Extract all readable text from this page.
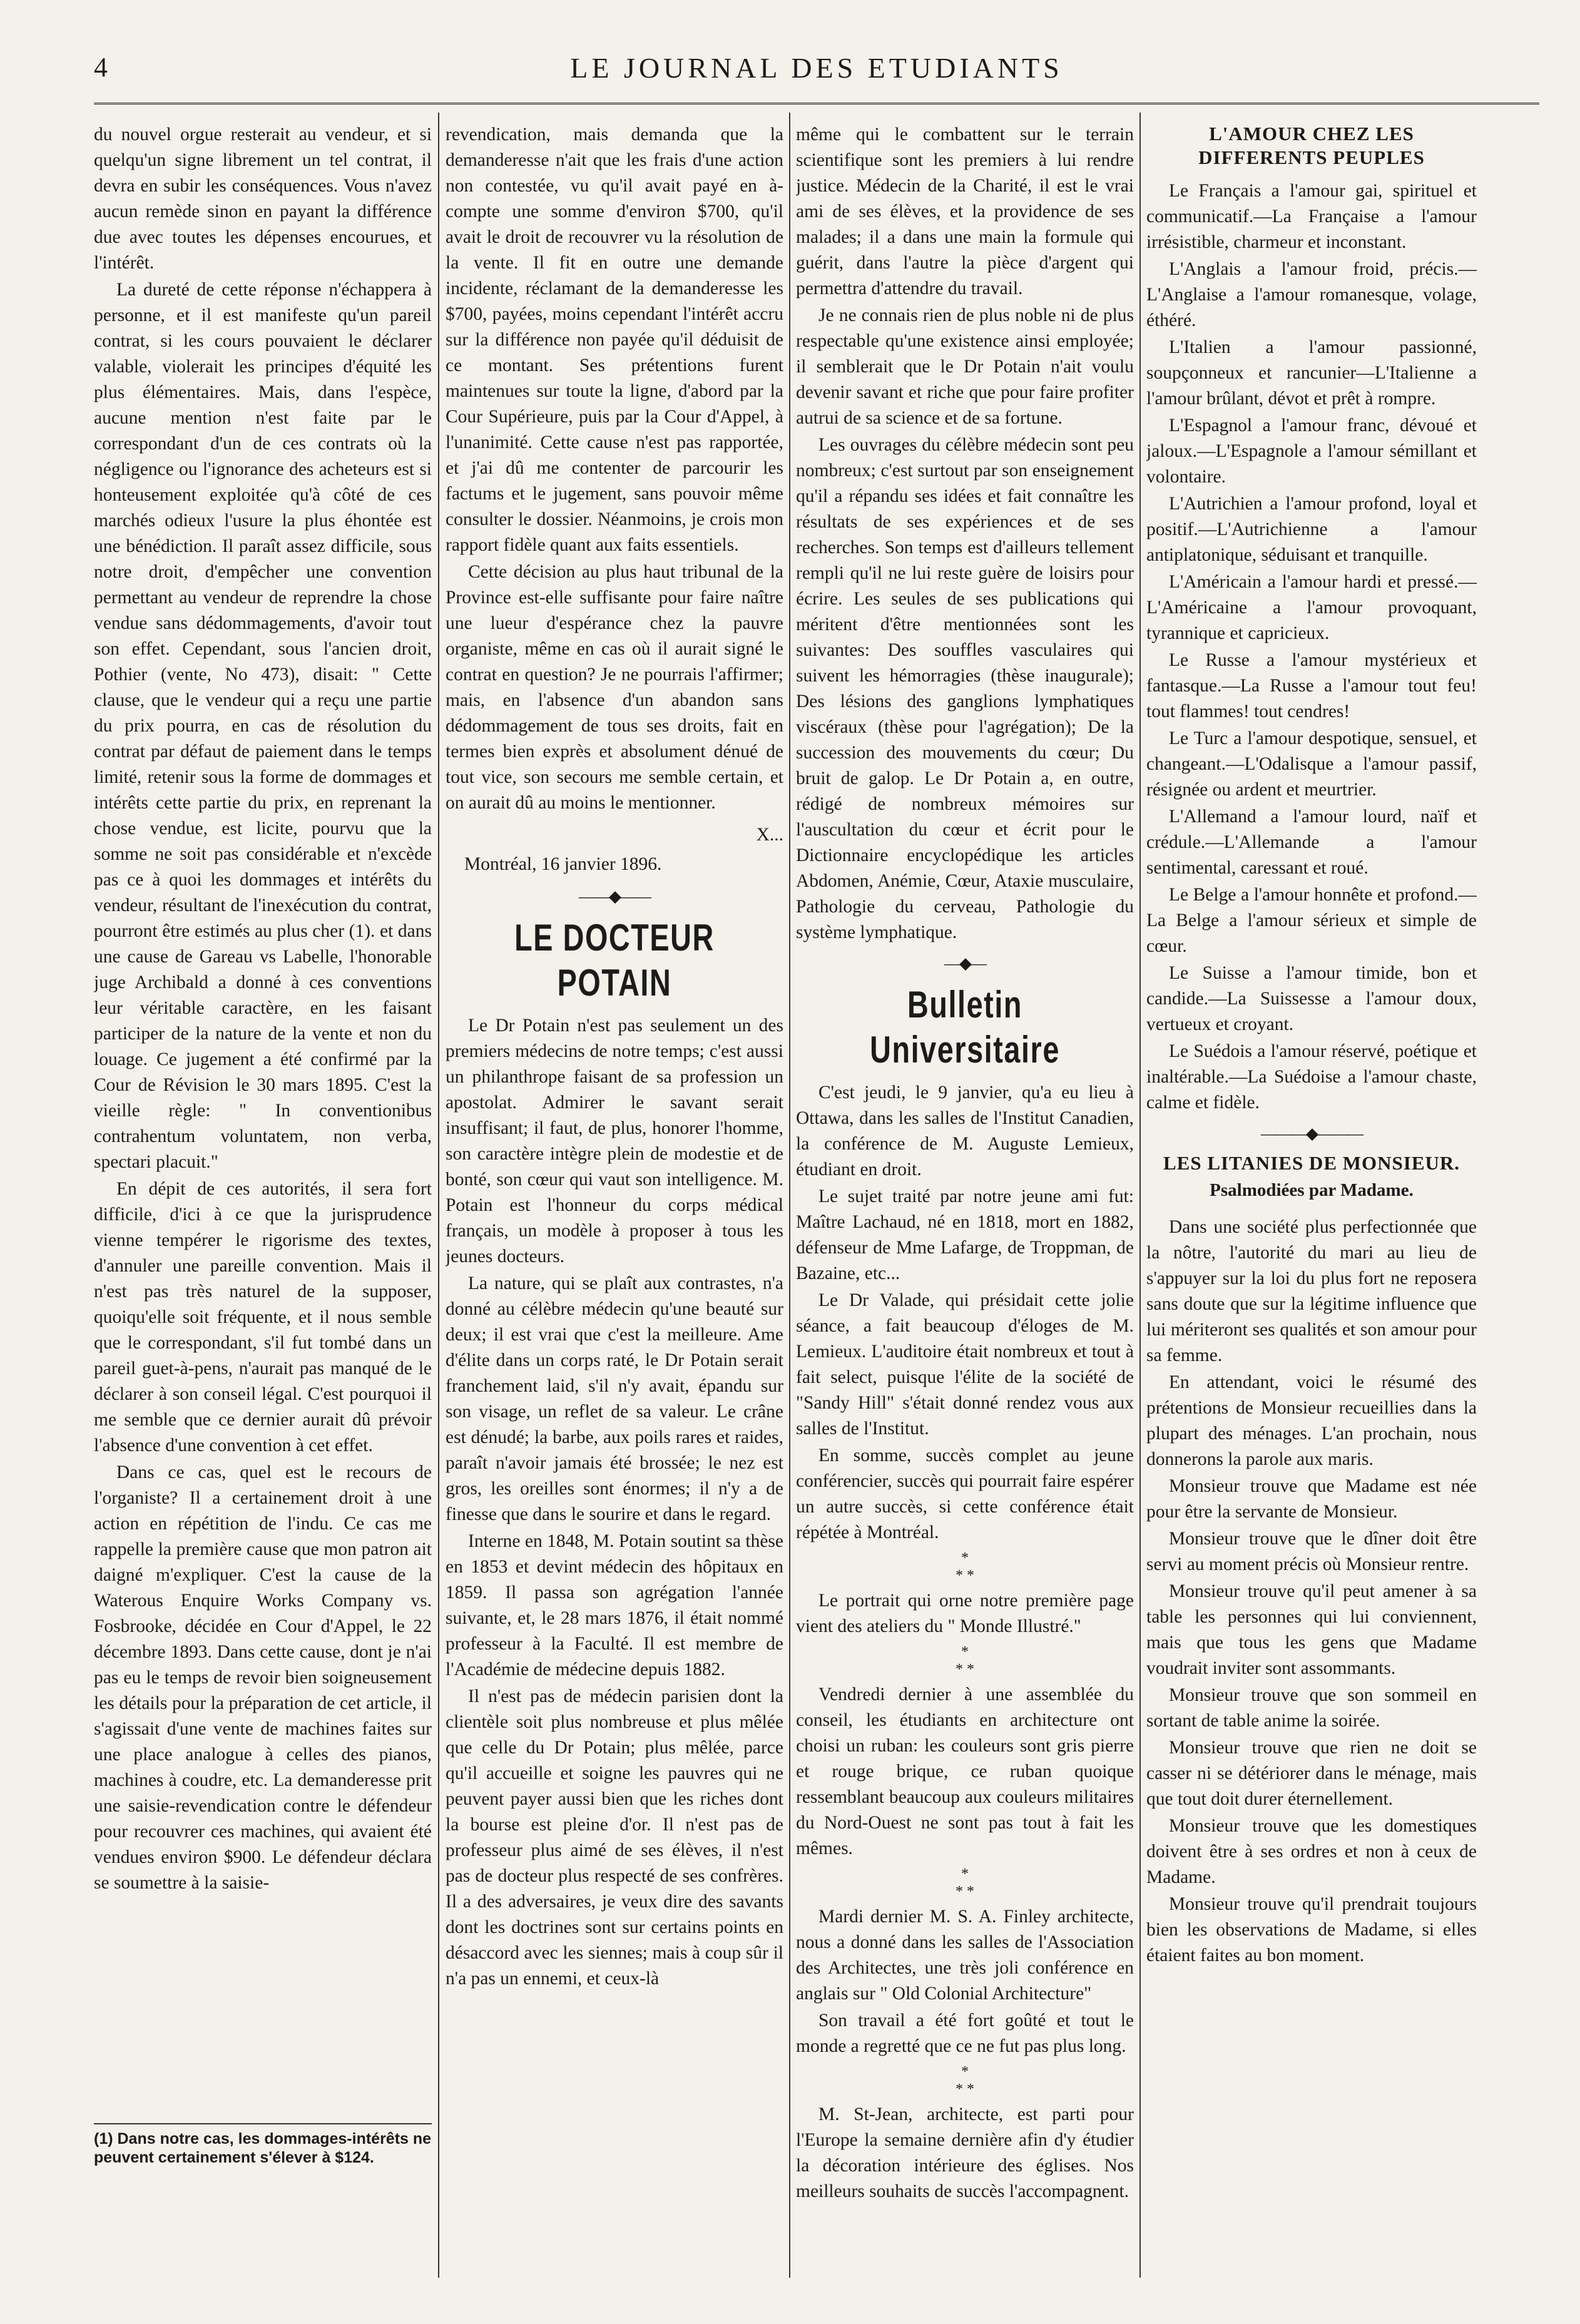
4	LE JOURNAL DES ETUDIANTS

du nouvel orgue resterait au vendeur, et si quelqu'un signe librement un tel contrat, il devra en subir les conséquences. Vous n'avez aucun remède sinon en payant la différence due avec toutes les dépenses encourues, et l'intérêt.

La dureté de cette réponse n'échappera à personne, et il est manifeste qu'un pareil contrat, si les cours pouvaient le déclarer valable, violerait les principes d'équité les plus élémentaires. Mais, dans l'espèce, aucune mention n'est faite par le correspondant d'un de ces contrats où la négligence ou l'ignorance des acheteurs est si honteusement exploitée qu'à côté de ces marchés odieux l'usure la plus éhontée est une bénédiction. Il paraît assez difficile, sous notre droit, d'empêcher une convention permettant au vendeur de reprendre la chose vendue sans dédommagements, d'avoir tout son effet. Cependant, sous l'ancien droit, Pothier (vente, No 473), disait: " Cette clause, que le vendeur qui a reçu une partie du prix pourra, en cas de résolution du contrat par défaut de paiement dans le temps limité, retenir sous la forme de dommages et intérêts cette partie du prix, en reprenant la chose vendue, est licite, pourvu que la somme ne soit pas considérable et n'excède pas ce à quoi les dommages et intérêts du vendeur, résultant de l'inexécution du contrat, pourront être estimés au plus cher (1). et dans une cause de Gareau vs Labelle, l'honorable juge Archibald a donné à ces conventions leur véritable caractère, en les faisant participer de la nature de la vente et non du louage. Ce jugement a été confirmé par la Cour de Révision le 30 mars 1895. C'est la vieille règle: " In conventionibus contrahentum voluntatem, non verba, spectari placuit."

En dépit de ces autorités, il sera fort difficile, d'ici à ce que la jurisprudence vienne tempérer le rigorisme des textes, d'annuler une pareille convention. Mais il n'est pas très naturel de la supposer, quoiqu'elle soit fréquente, et il nous semble que le correspondant, s'il fut tombé dans un pareil guet-à-pens, n'aurait pas manqué de le déclarer à son conseil légal. C'est pourquoi il me semble que ce dernier aurait dû prévoir l'absence d'une convention à cet effet.

Dans ce cas, quel est le recours de l'organiste? Il a certainement droit à une action en répétition de l'indu. Ce cas me rappelle la première cause que mon patron ait daigné m'expliquer. C'est la cause de la Waterous Enquire Works Company vs. Fosbrooke, décidée en Cour d'Appel, le 22 décembre 1893. Dans cette cause, dont je n'ai pas eu le temps de revoir bien soigneusement les détails pour la préparation de cet article, il s'agissait d'une vente de machines faites sur une place analogue à celles des pianos, machines à coudre, etc. La demanderesse prit une saisie-revendication contre le défendeur pour recouvrer ces machines, qui avaient été vendues environ $900. Le défendeur déclara se soumettre à la saisie-

(1) Dans notre cas, les dommages-intérêts ne peuvent certainement s'élever à $124.

revendication, mais demanda que la demanderesse n'ait que les frais d'une action non contestée, vu qu'il avait payé en à-compte une somme d'environ $700, qu'il avait le droit de recouvrer vu la résolution de la vente. Il fit en outre une demande incidente, réclamant de la demanderesse les $700, payées, moins cependant l'intérêt accru sur la différence non payée qu'il déduisit de ce montant. Ses prétentions furent maintenues sur toute la ligne, d'abord par la Cour Supérieure, puis par la Cour d'Appel, à l'unanimité. Cette cause n'est pas rapportée, et j'ai dû me contenter de parcourir les factums et le jugement, sans pouvoir même consulter le dossier. Néanmoins, je crois mon rapport fidèle quant aux faits essentiels.

Cette décision au plus haut tribunal de la Province est-elle suffisante pour faire naître une lueur d'espérance chez la pauvre organiste, même en cas où il aurait signé le contrat en question? Je ne pourrais l'affirmer; mais, en l'absence d'un abandon sans dédommagement de tous ses droits, fait en termes bien exprès et absolument dénué de tout vice, son secours me semble certain, et on aurait dû au moins le mentionner.

X...
Montréal, 16 janvier 1896.
——◆——
LE DOCTEUR POTAIN

Le Dr Potain n'est pas seulement un des premiers médecins de notre temps; c'est aussi un philanthrope faisant de sa profession un apostolat. Admirer le savant serait insuffisant; il faut, de plus, honorer l'homme, son caractère intègre plein de modestie et de bonté, son cœur qui vaut son intelligence. M. Potain est l'honneur du corps médical français, un modèle à proposer à tous les jeunes docteurs.

La nature, qui se plaît aux contrastes, n'a donné au célèbre médecin qu'une beauté sur deux; il est vrai que c'est la meilleure. Ame d'élite dans un corps raté, le Dr Potain serait franchement laid, s'il n'y avait, épandu sur son visage, un reflet de sa valeur. Le crâne est dénudé; la barbe, aux poils rares et raides, paraît n'avoir jamais été brossée; le nez est gros, les oreilles sont énormes; il n'y a de finesse que dans le sourire et dans le regard.

Interne en 1848, M. Potain soutint sa thèse en 1853 et devint médecin des hôpitaux en 1859. Il passa son agrégation l'année suivante, et, le 28 mars 1876, il était nommé professeur à la Faculté. Il est membre de l'Académie de médecine depuis 1882.

Il n'est pas de médecin parisien dont la clientèle soit plus nombreuse et plus mêlée que celle du Dr Potain; plus mêlée, parce qu'il accueille et soigne les pauvres qui ne peuvent payer aussi bien que les riches dont la bourse est pleine d'or. Il n'est pas de professeur plus aimé de ses élèves, il n'est pas de docteur plus respecté de ses confrères. Il a des adversaires, je veux dire des savants dont les doctrines sont sur certains points en désaccord avec les siennes; mais à coup sûr il n'a pas un ennemi, et ceux-là

même qui le combattent sur le terrain scientifique sont les premiers à lui rendre justice. Médecin de la Charité, il est le vrai ami de ses élèves, et la providence de ses malades; il a dans une main la formule qui guérit, dans l'autre la pièce d'argent qui permettra d'attendre du travail.

Je ne connais rien de plus noble ni de plus respectable qu'une existence ainsi employée; il semblerait que le Dr Potain n'ait voulu devenir savant et riche que pour faire profiter autrui de sa science et de sa fortune.

Les ouvrages du célèbre médecin sont peu nombreux; c'est surtout par son enseignement qu'il a répandu ses idées et fait connaître les résultats de ses expériences et de ses recherches. Son temps est d'ailleurs tellement rempli qu'il ne lui reste guère de loisirs pour écrire. Les seules de ses publications qui méritent d'être mentionnées sont les suivantes: Des souffles vasculaires qui suivent les hémorragies (thèse inaugurale); Des lésions des ganglions lymphatiques viscéraux (thèse pour l'agrégation); De la succession des mouvements du cœur; Du bruit de galop. Le Dr Potain a, en outre, rédigé de nombreux mémoires sur l'auscultation du cœur et écrit pour le Dictionnaire encyclopédique les articles Abdomen, Anémie, Cœur, Ataxie musculaire, Pathologie du cerveau, Pathologie du système lymphatique.

—◆—
Bulletin Universitaire

C'est jeudi, le 9 janvier, qu'a eu lieu à Ottawa, dans les salles de l'Institut Canadien, la conférence de M. Auguste Lemieux, étudiant en droit.

Le sujet traité par notre jeune ami fut: Maître Lachaud, né en 1818, mort en 1882, défenseur de Mme Lafarge, de Troppman, de Bazaine, etc...

Le Dr Valade, qui présidait cette jolie séance, a fait beaucoup d'éloges de M. Lemieux. L'auditoire était nombreux et tout à fait select, puisque l'élite de la société de "Sandy Hill" s'était donné rendez vous aux salles de l'Institut.

En somme, succès complet au jeune conférencier, succès qui pourrait faire espérer un autre succès, si cette conférence était répétée à Montréal.

*
* *

Le portrait qui orne notre première page vient des ateliers du " Monde Illustré."

*
* *

Vendredi dernier à une assemblée du conseil, les étudiants en architecture ont choisi un ruban: les couleurs sont gris pierre et rouge brique, ce ruban quoique ressemblant beaucoup aux couleurs militaires du Nord-Ouest ne sont pas tout à fait les mêmes.

*
* *

Mardi dernier M. S. A. Finley architecte, nous a donné dans les salles de l'Association des Architectes, une très joli conférence en anglais sur " Old Colonial Architecture"

Son travail a été fort goûté et tout le monde a regretté que ce ne fut pas plus long.

*
* *

M. St-Jean, architecte, est parti pour l'Europe la semaine dernière afin d'y étudier la décoration intérieure des églises. Nos meilleurs souhaits de succès l'accompagnent.

L'AMOUR CHEZ LES DIFFERENTS PEUPLES

Le Français a l'amour gai, spirituel et communicatif.—La Française a l'amour irrésistible, charmeur et inconstant.

L'Anglais a l'amour froid, précis.—L'Anglaise a l'amour romanesque, volage, éthéré.

L'Italien a l'amour passionné, soupçonneux et rancunier—L'Italienne a l'amour brûlant, dévot et prêt à rompre.

L'Espagnol a l'amour franc, dévoué et jaloux.—L'Espagnole a l'amour sémillant et volontaire.

L'Autrichien a l'amour profond, loyal et positif.—L'Autrichienne a l'amour antiplatonique, séduisant et tranquille.

L'Américain a l'amour hardi et pressé.—L'Américaine a l'amour provoquant, tyrannique et capricieux.

Le Russe a l'amour mystérieux et fantasque.—La Russe a l'amour tout feu! tout flammes! tout cendres!

Le Turc a l'amour despotique, sensuel, et changeant.—L'Odalisque a l'amour passif, résignée ou ardent et meurtrier.

L'Allemand a l'amour lourd, naïf et crédule.—L'Allemande a l'amour sentimental, caressant et roué.

Le Belge a l'amour honnête et profond.—La Belge a l'amour sérieux et simple de cœur.

Le Suisse a l'amour timide, bon et candide.—La Suissesse a l'amour doux, vertueux et croyant.

Le Suédois a l'amour réservé, poétique et inaltérable.—La Suédoise a l'amour chaste, calme et fidèle.

———◆———
LES LITANIES DE MONSIEUR.
Psalmodiées par Madame.

Dans une société plus perfectionnée que la nôtre, l'autorité du mari au lieu de s'appuyer sur la loi du plus fort ne reposera sans doute que sur la légitime influence que lui mériteront ses qualités et son amour pour sa femme.

En attendant, voici le résumé des prétentions de Monsieur recueillies dans la plupart des ménages. L'an prochain, nous donnerons la parole aux maris.

Monsieur trouve que Madame est née pour être la servante de Monsieur.

Monsieur trouve que le dîner doit être servi au moment précis où Monsieur rentre.

Monsieur trouve qu'il peut amener à sa table les personnes qui lui conviennent, mais que tous les gens que Madame voudrait inviter sont assommants.

Monsieur trouve que son sommeil en sortant de table anime la soirée.

Monsieur trouve que rien ne doit se casser ni se détériorer dans le ménage, mais que tout doit durer éternellement.

Monsieur trouve que les domestiques doivent être à ses ordres et non à ceux de Madame.

Monsieur trouve qu'il prendrait toujours bien les observations de Madame, si elles étaient faites au bon moment.
